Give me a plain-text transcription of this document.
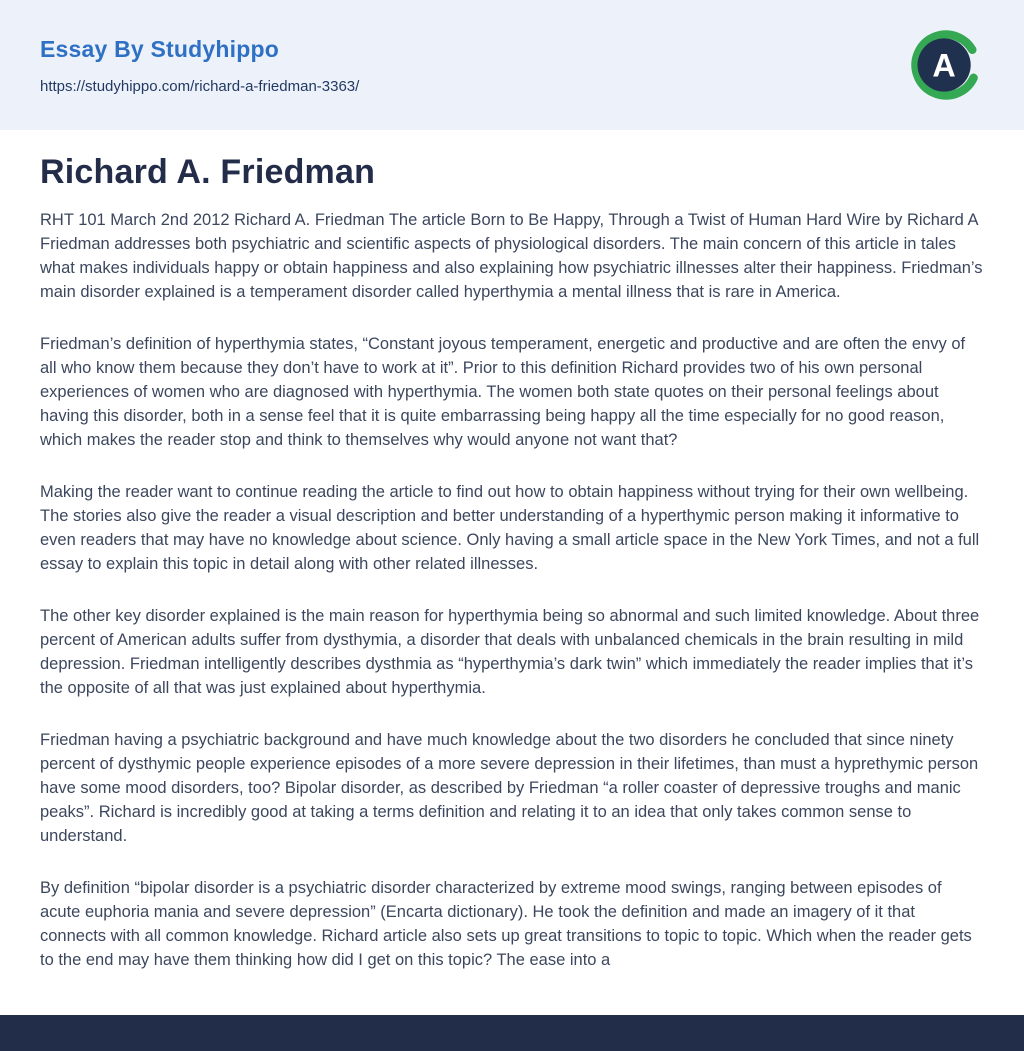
Essay By Studyhippo
https://studyhippo.com/richard-a-friedman-3363/
A
Richard A. Friedman

RHT 101 March 2nd 2012 Richard A. Friedman The article Born to Be Happy, Through a Twist of Human Hard Wire by Richard A Friedman addresses both psychiatric and scientific aspects of physiological disorders. The main concern of this article in tales what makes individuals happy or obtain happiness and also explaining how psychiatric illnesses alter their happiness. Friedman’s main disorder explained is a temperament disorder called hyperthymia a mental illness that is rare in America.

Friedman’s definition of hyperthymia states, “Constant joyous temperament, energetic and productive and are often the envy of all who know them because they don’t have to work at it”. Prior to this definition Richard provides two of his own personal experiences of women who are diagnosed with hyperthymia. The women both state quotes on their personal feelings about having this disorder, both in a sense feel that it is quite embarrassing being happy all the time especially for no good reason, which makes the reader stop and think to themselves why would anyone not want that?

Making the reader want to continue reading the article to find out how to obtain happiness without trying for their own wellbeing. The stories also give the reader a visual description and better understanding of a hyperthymic person making it informative to even readers that may have no knowledge about science. Only having a small article space in the New York Times, and not a full essay to explain this topic in detail along with other related illnesses.

The other key disorder explained is the main reason for hyperthymia being so abnormal and such limited knowledge. About three percent of American adults suffer from dysthymia, a disorder that deals with unbalanced chemicals in the brain resulting in mild depression. Friedman intelligently describes dysthmia as “hyperthymia’s dark twin” which immediately the reader implies that it’s the opposite of all that was just explained about hyperthymia.

Friedman having a psychiatric background and have much knowledge about the two disorders he concluded that since ninety percent of dysthymic people experience episodes of a more severe depression in their lifetimes, than must a hyprethymic person have some mood disorders, too? Bipolar disorder, as described by Friedman “a roller coaster of depressive troughs and manic peaks”. Richard is incredibly good at taking a terms definition and relating it to an idea that only takes common sense to understand.

By definition “bipolar disorder is a psychiatric disorder characterized by extreme mood swings, ranging between episodes of acute euphoria mania and severe depression” (Encarta dictionary). He took the definition and made an imagery of it that connects with all common knowledge. Richard article also sets up great transitions to topic to topic. Which when the reader gets to the end may have them thinking how did I get on this topic? The ease into a
